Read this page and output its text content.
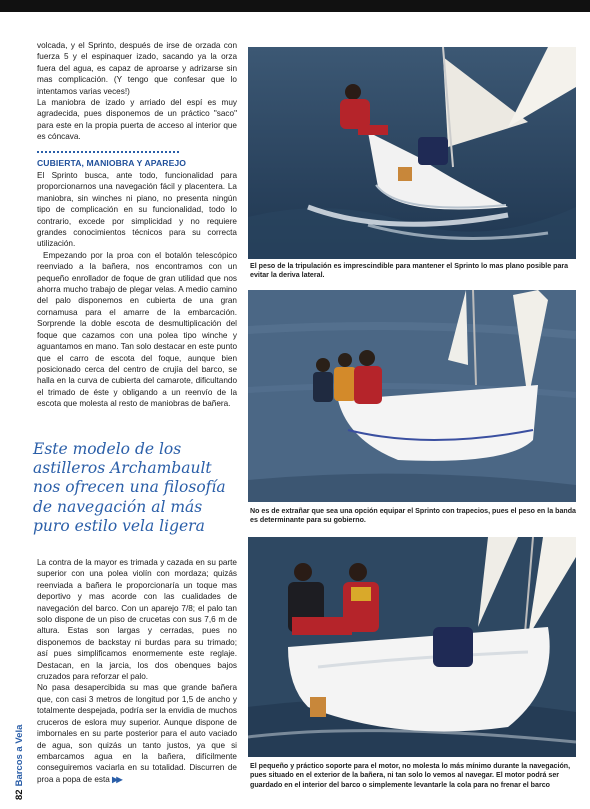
volcada, y el Sprinto, después de irse de orzada con fuerza 5 y el espinaquer izado, sacando ya la orza fuera del agua, es capaz de aproarse y adrizarse sin mas complicación. (Y tengo que confesar que lo intentamos varias veces!)

La maniobra de izado y arriado del espí es muy agradecida, pues disponemos de un práctico "saco" para este en la propia puerta de acceso al interior que es cóncava.

CUBIERTA, MANIOBRA Y APAREJO

El Sprinto busca, ante todo, funcionalidad para proporcionarnos una navegación fácil y placentera. La maniobra, sin winches ni piano, no presenta ningún tipo de complicación en su funcionalidad, todo lo contrario, excede por simplicidad y no requiere grandes conocimientos técnicos para su correcta utilización.

Empezando por la proa con el botalón telescópico reenviado a la bañera, nos encontramos con un pequeño enrollador de foque de gran utilidad que nos ahorra mucho trabajo de plegar velas. A medio camino del palo disponemos en cubierta de una gran cornamusa para el amarre de la embarcación. Sorprende la doble escota de desmultiplicación del foque que cazamos con una polea tipo winche y aguantamos en mano. Tan solo destacar en este punto que el carro de escota del foque, aunque bien posicionado cerca del centro de crujía del barco, se halla en la curva de cubierta del camarote, dificultando el trimado de éste y obligando a un reenvío de la escota que molesta al resto de maniobras de bañera.

Este modelo de los astilleros Archambault nos ofrecen una filosofía de navegación al más puro estilo vela ligera

La contra de la mayor es trimada y cazada en su parte superior con una polea violín con mordaza; quizás reenviada a bañera le proporcionaría un toque mas deportivo y mas acorde con las cualidades de navegación del barco. Con un aparejo 7/8; el palo tan solo dispone de un piso de crucetas con sus 7,6 m de altura. Estas son largas y cerradas, pues no disponemos de backstay ni burdas para su trimado; así pues simplificamos enormemente este reglaje. Destacan, en la jarcia, los dos obenques bajos cruzados para reforzar el palo.

No pasa desapercibida su mas que grande bañera que, con casi 3 metros de longitud por 1,5 de ancho y totalmente despejada, podría ser la envidia de muchos cruceros de eslora muy superior. Aunque dispone de imbornales en su parte posterior para el auto vaciado de agua, son quizás un tanto justos, ya que si embarcamos agua en la bañera, difícilmente conseguiremos vaciarla en su totalidad. Discurren de proa a popa de esta ▶▶

82Barcos a Vela
El peso de la tripulación es imprescindible para mantener el Sprinto lo mas plano posible para evitar la deriva lateral.
No es de extrañar que sea una opción equipar el Sprinto con trapecios, pues el peso en la banda es determinante para su gobierno.
El pequeño y práctico soporte para el motor, no molesta lo más mínimo durante la navegación, pues situado en el exterior de la bañera, ni tan solo lo vemos al navegar. El motor podrá ser guardado en el interior del barco o simplemente levantarle la cola para no frenar el barco
